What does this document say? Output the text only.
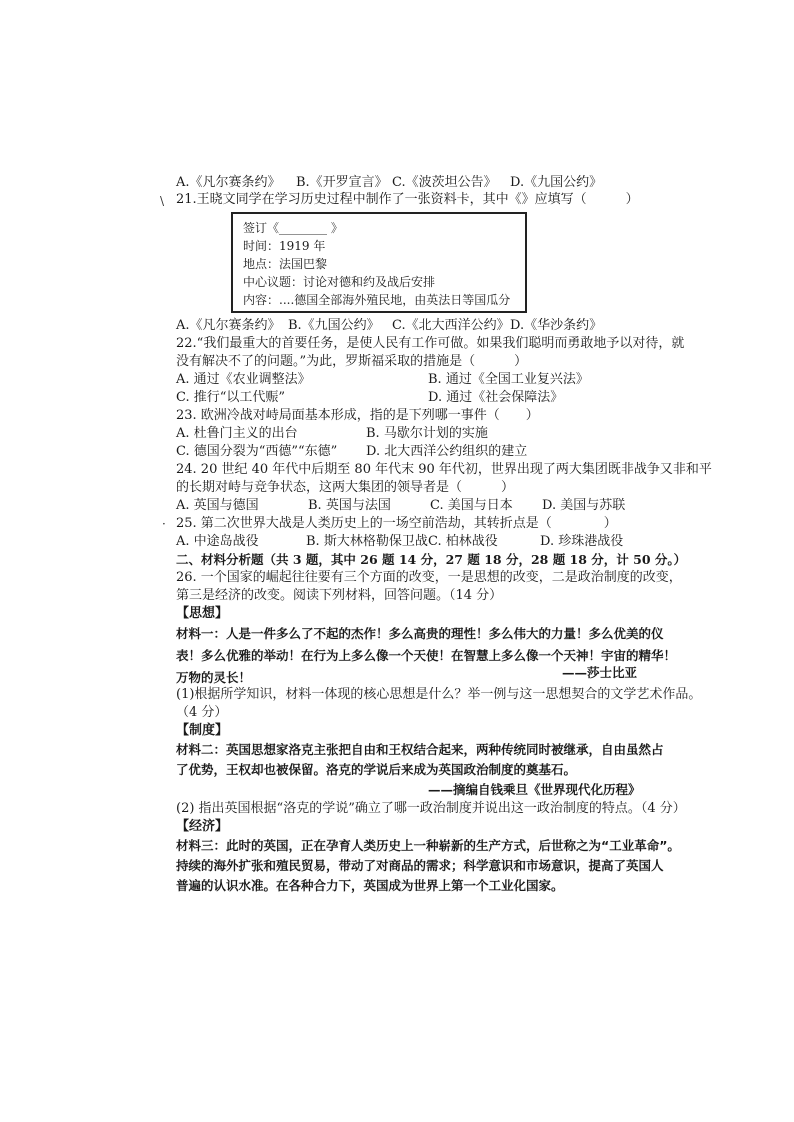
A.《凡尔赛条约》 B.《开罗宣言》 C.《波茨坦公告》 D.《九国公约》
\ 21.王晓文同学在学习历史过程中制作了一张资料卡，其中《》应填写（　　　）
签订《________ 》
时间：1919 年
地点：法国巴黎
中心议题：讨论对德和约及战后安排
内容：....德国全部海外殖民地，由英法日等国瓜分
A.《凡尔赛条约》 B.《九国公约》 C.《北大西洋公约》 D.《华沙条约》
22.“我们最重大的首要任务，是使人民有工作可做。如果我们聪明而勇敢地予以对待，就
没有解决不了的问题。”为此，罗斯福采取的措施是（　　　）
A. 通过《农业调整法》	B. 通过《全国工业复兴法》
C. 推行“以工代赈”	D. 通过《社会保障法》
23. 欧洲冷战对峙局面基本形成，指的是下列哪一事件（　　）
A. 杜鲁门主义的出台	B. 马歇尔计划的实施
C. 德国分裂为“西德”“东德” D. 北大西洋公约组织的建立
24. 20 世纪 40 年代中后期至 80 年代末 90 年代初，世界出现了两大集团既非战争又非和平
的长期对峙与竞争状态，这两大集团的领导者是（　　　）
A. 英国与德国	B. 英国与法国	C. 美国与日本 D. 美国与苏联
· 25. 第二次世界大战是人类历史上的一场空前浩劫，其转折点是（　　　　）
A. 中途岛战役	B. 斯大林格勒保卫战 C. 柏林战役	D. 珍珠港战役
二、材料分析题（共 3 题，其中 26 题 14 分，27 题 18 分，28 题 18 分，计 50 分。）
26. 一个国家的崛起往往要有三个方面的改变，一是思想的改变，二是政治制度的改变，
第三是经济的改变。阅读下列材料，回答问题。（14 分）
【思想】
材料一：人是一件多么了不起的杰作！多么高贵的理性！多么伟大的力量！多么优美的仪
表！多么优雅的举动！在行为上多么像一个天使！在智慧上多么像一个天神！宇宙的精华！
万物的灵长！	——莎士比亚
(1)根据所学知识，材料一体现的核心思想是什么？举一例与这一思想契合的文学艺术作品。
（4 分）
【制度】
材料二：英国思想家洛克主张把自由和王权结合起来，两种传统同时被继承，自由虽然占
了优势，王权却也被保留。洛克的学说后来成为英国政治制度的奠基石。
——摘编自钱乘旦《世界现代化历程》
(2) 指出英国根据“洛克的学说”确立了哪一政治制度并说出这一政治制度的特点。（4 分）
【经济】
材料三：此时的英国，正在孕育人类历史上一种崭新的生产方式，后世称之为“工业革命”。
持续的海外扩张和殖民贸易，带动了对商品的需求；科学意识和市场意识，提高了英国人
普遍的认识水准。在各种合力下，英国成为世界上第一个工业化国家。
